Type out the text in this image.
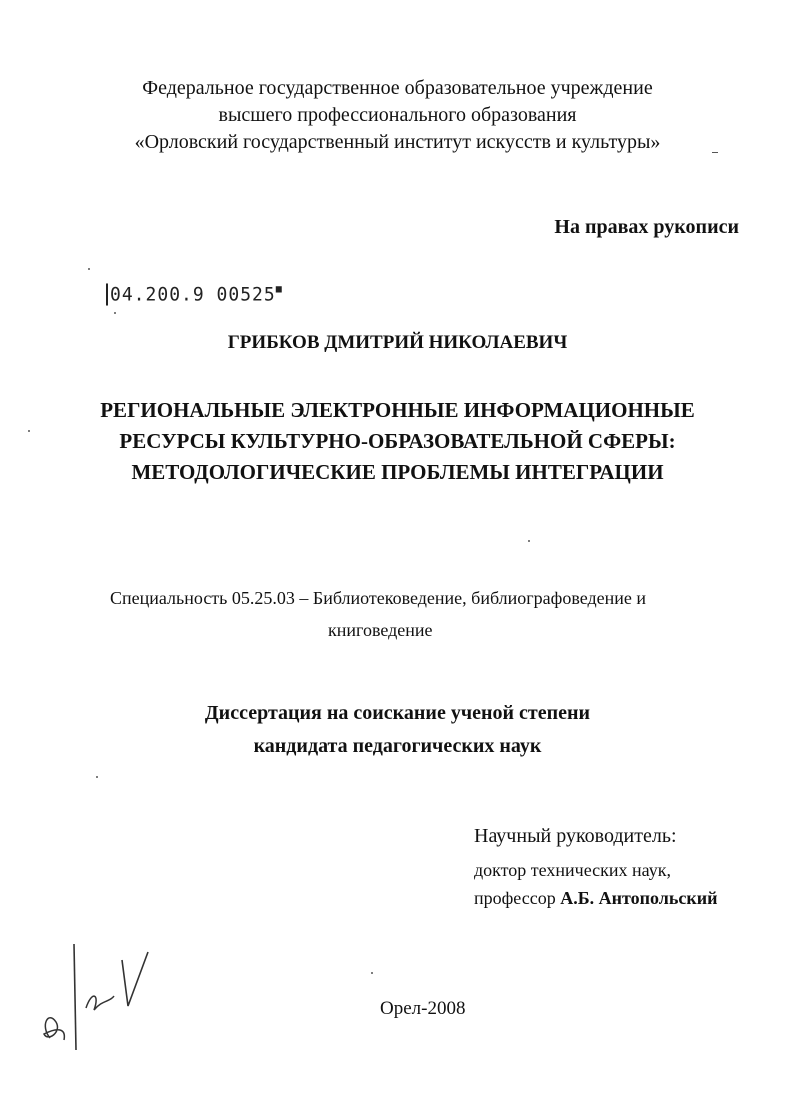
Федеральное государственное образовательное учреждение
высшего профессионального образования
«Орловский государственный институт искусств и культуры»
На правах рукописи
04.200.9 00525■
ГРИБКОВ ДМИТРИЙ НИКОЛАЕВИЧ
РЕГИОНАЛЬНЫЕ ЭЛЕКТРОННЫЕ ИНФОРМАЦИОННЫЕ
РЕСУРСЫ КУЛЬТУРНО-ОБРАЗОВАТЕЛЬНОЙ СФЕРЫ:
МЕТОДОЛОГИЧЕСКИЕ ПРОБЛЕМЫ ИНТЕГРАЦИИ
Специальность 05.25.03 – Библиотековедение, библиографоведение и
книговедение
Диссертация на соискание ученой степени
кандидата педагогических наук
Научный руководитель:
доктор технических наук,
профессор А.Б. Антопольский
Орел-2008
